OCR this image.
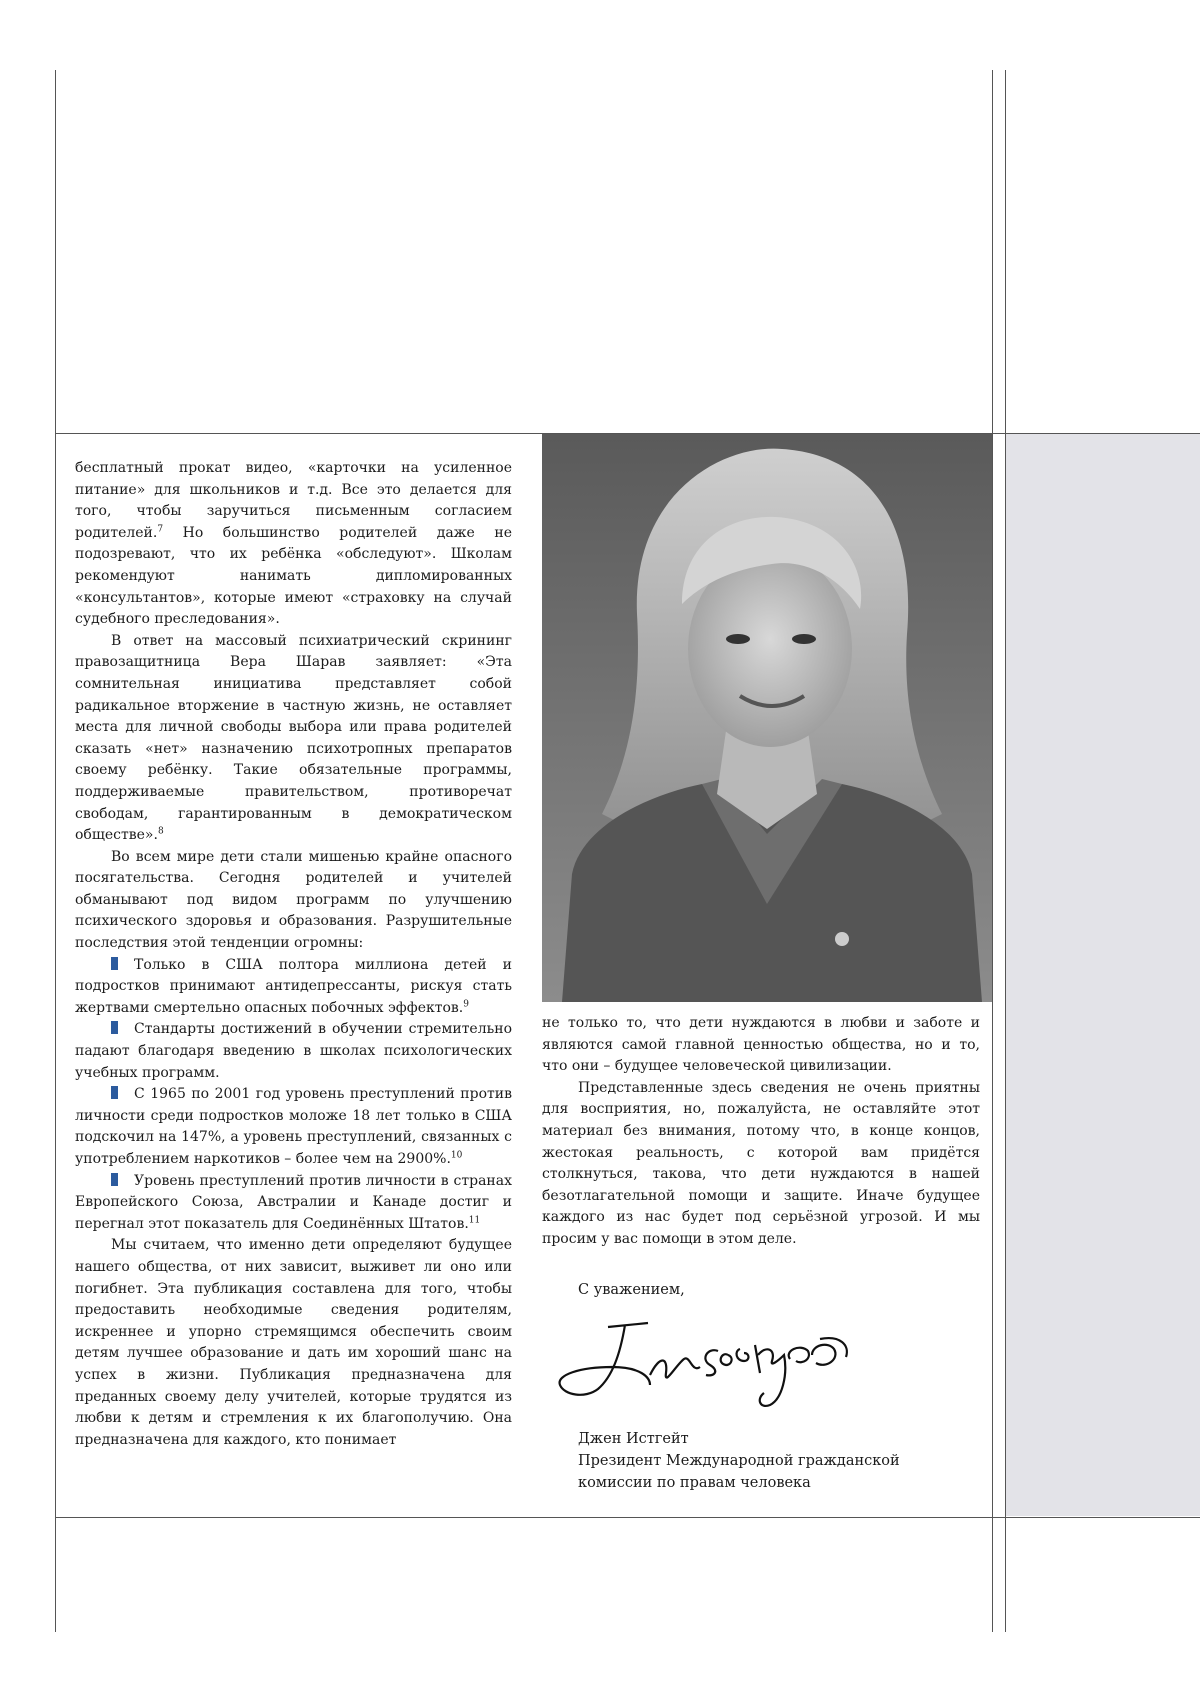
бесплатный прокат видео, «карточки на усиленное питание» для школьников и т.д. Все это делается для того, чтобы заручиться письменным согласием родителей.7 Но большинство родителей даже не подозревают, что их ребёнка «обследуют». Школам рекомендуют нанимать дипломированных «консультантов», которые имеют «страховку на случай судебного преследования».

В ответ на массовый психиатрический скрининг правозащитница Вера Шарав заявляет: «Эта сомнительная инициатива представляет собой радикальное вторжение в частную жизнь, не оставляет места для личной свободы выбора или права родителей сказать «нет» назначению психотропных препаратов своему ребёнку. Такие обязательные программы, поддерживаемые правительством, противоречат свободам, гарантированным в демократическом обществе».8

Во всем мире дети стали мишенью крайне опасного посягательства. Сегодня родителей и учителей обманывают под видом программ по улучшению психического здоровья и образования. Разрушительные последствия этой тенденции огромны:

Только в США полтора миллиона детей и подростков принимают антидепрессанты, рискуя стать жертвами смертельно опасных побочных эффектов.9

Стандарты достижений в обучении стремительно падают благодаря введению в школах психологических учебных программ.

С 1965 по 2001 год уровень преступлений против личности среди подростков моложе 18 лет только в США подскочил на 147%, а уровень преступлений, связанных с употреблением наркотиков – более чем на 2900%.10

Уровень преступлений против личности в странах Европейского Союза, Австралии и Канаде достиг и перегнал этот показатель для Соединённых Штатов.11

Мы считаем, что именно дети определяют будущее нашего общества, от них зависит, выживет ли оно или погибнет. Эта публикация составлена для того, чтобы предоставить необходимые сведения родителям, искреннее и упорно стремящимся обеспечить своим детям лучшее образование и дать им хороший шанс на успех в жизни. Публикация предназначена для преданных своему делу учителей, которые трудятся из любви к детям и стремления к их благополучию. Она предназначена для каждого, кто понимает

не только то, что дети нуждаются в любви и заботе и являются самой главной ценностью общества, но и то, что они – будущее человеческой цивилизации.

Представленные здесь сведения не очень приятны для восприятия, но, пожалуйста, не оставляйте этот материал без внимания, потому что, в конце концов, жестокая реальность, с которой вам придётся столкнуться, такова, что дети нуждаются в нашей безотлагательной помощи и защите. Иначе будущее каждого из нас будет под серьёзной угрозой. И мы просим у вас помощи в этом деле.

С уважением,
Джен Истгейт
Президент Международной гражданской
комиссии по правам человека
